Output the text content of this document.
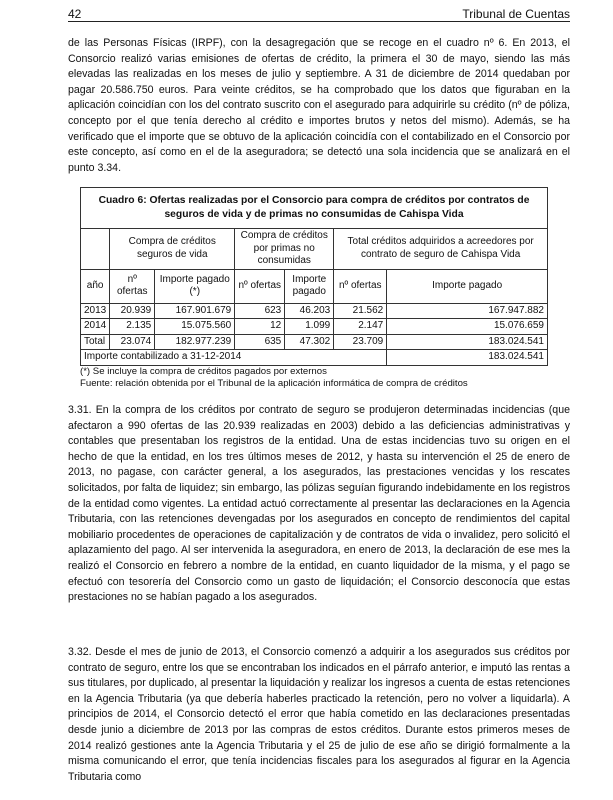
42	Tribunal de Cuentas

de las Personas Físicas (IRPF), con la desagregación que se recoge en el cuadro nº 6. En 2013, el Consorcio realizó varias emisiones de ofertas de crédito, la primera el 30 de mayo, siendo las más elevadas las realizadas en los meses de julio y septiembre. A 31 de diciembre de 2014 quedaban por pagar 20.586.750 euros. Para veinte créditos, se ha comprobado que los datos que figuraban en la aplicación coincidían con los del contrato suscrito con el asegurado para adquirirle su crédito (nº de póliza, concepto por el que tenía derecho al crédito e importes brutos y netos del mismo). Además, se ha verificado que el importe que se obtuvo de la aplicación coincidía con el contabilizado en el Consorcio por este concepto, así como en el de la aseguradora; se detectó una sola incidencia que se analizará en el punto 3.34.

Cuadro 6: Ofertas realizadas por el Consorcio para compra de créditos por contratos de seguros de vida y de primas no consumidas de Cahispa Vida						
	Compra de créditos seguros de vida		Compra de créditos por primas no consumidas		Total créditos adquiridos a acreedores por contrato de seguro de Cahispa Vida	
año	nº ofertas	Importe pagado (*)	nº ofertas	Importe pagado	nº ofertas	Importe pagado
2013	20.939	167.901.679	623	46.203	21.562	167.947.882
2014	2.135	15.075.560	12	1.099	2.147	15.076.659
Total	23.074	182.977.239	635	47.302	23.709	183.024.541
Importe contabilizado a 31-12-2014						183.024.541
(*) Se incluye la compra de créditos pagados por externos
Fuente: relación obtenida por el Tribunal de la aplicación informática de compra de créditos

3.31. En la compra de los créditos por contrato de seguro se produjeron determinadas incidencias (que afectaron a 990 ofertas de las 20.939 realizadas en 2003) debido a las deficiencias administrativas y contables que presentaban los registros de la entidad. Una de estas incidencias tuvo su origen en el hecho de que la entidad, en los tres últimos meses de 2012, y hasta su intervención el 25 de enero de 2013, no pagase, con carácter general, a los asegurados, las prestaciones vencidas y los rescates solicitados, por falta de liquidez; sin embargo, las pólizas seguían figurando indebidamente en los registros de la entidad como vigentes. La entidad actuó correctamente al presentar las declaraciones en la Agencia Tributaria, con las retenciones devengadas por los asegurados en concepto de rendimientos del capital mobiliario procedentes de operaciones de capitalización y de contratos de vida o invalidez, pero solicitó el aplazamiento del pago. Al ser intervenida la aseguradora, en enero de 2013, la declaración de ese mes la realizó el Consorcio en febrero a nombre de la entidad, en cuanto liquidador de la misma, y el pago se efectuó con tesorería del Consorcio como un gasto de liquidación; el Consorcio desconocía que estas prestaciones no se habían pagado a los asegurados.

3.32. Desde el mes de junio de 2013, el Consorcio comenzó a adquirir a los asegurados sus créditos por contrato de seguro, entre los que se encontraban los indicados en el párrafo anterior, e imputó las rentas a sus titulares, por duplicado, al presentar la liquidación y realizar los ingresos a cuenta de estas retenciones en la Agencia Tributaria (ya que debería haberles practicado la retención, pero no volver a liquidarla). A principios de 2014, el Consorcio detectó el error que había cometido en las declaraciones presentadas desde junio a diciembre de 2013 por las compras de estos créditos. Durante estos primeros meses de 2014 realizó gestiones ante la Agencia Tributaria y el 25 de julio de ese año se dirigió formalmente a la misma comunicando el error, que tenía incidencias fiscales para los asegurados al figurar en la Agencia Tributaria como
